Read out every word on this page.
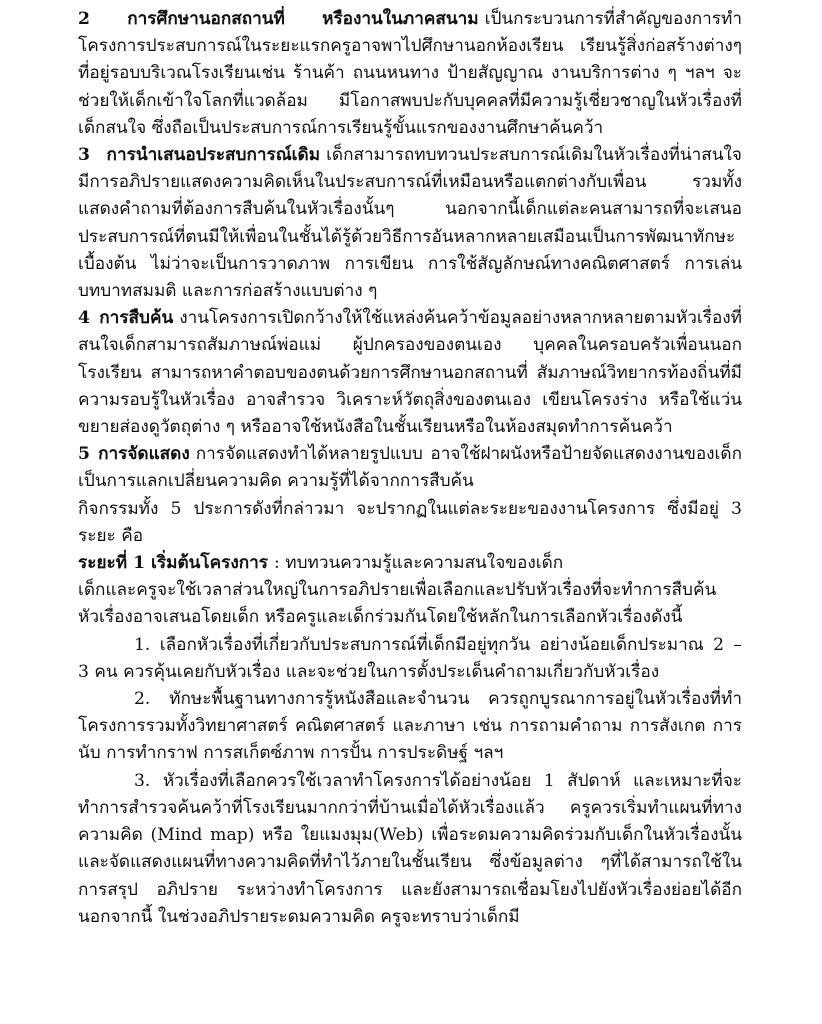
2 การศึกษานอกสถานที่ หรืองานในภาคสนาม เป็นกระบวนการที่สำคัญของการทำโครงการประสบการณ์ในระยะแรกครูอาจพาไปศึกษานอกห้องเรียน เรียนรู้สิ่งก่อสร้างต่างๆที่อยู่รอบบริเวณโรงเรียนเช่น ร้านค้า ถนนหนทาง ป้ายสัญญาณ งานบริการต่าง ๆ ฯลฯ จะช่วยให้เด็กเข้าใจโลกที่แวดล้อม มีโอกาสพบปะกับบุคคลที่มีความรู้เชี่ยวชาญในหัวเรื่องที่เด็กสนใจ ซึ่งถือเป็นประสบการณ์การเรียนรู้ขั้นแรกของงานศึกษาค้นคว้า

3 การนำเสนอประสบการณ์เดิม เด็กสามารถทบทวนประสบการณ์เดิมในหัวเรื่องที่น่าสนใจ มีการอภิปรายแสดงความคิดเห็นในประสบการณ์ที่เหมือนหรือแตกต่างกับเพื่อน รวมทั้งแสดงคำถามที่ต้องการสืบค้นในหัวเรื่องนั้นๆ นอกจากนี้เด็กแต่ละคนสามารถที่จะเสนอประสบการณ์ที่ตนมีให้เพื่อนในชั้นได้รู้ด้วยวิธีการอันหลากหลายเสมือนเป็นการพัฒนาทักษะเบื้องต้น ไม่ว่าจะเป็นการวาดภาพ การเขียน การใช้สัญลักษณ์ทางคณิตศาสตร์ การเล่นบทบาทสมมติ และการก่อสร้างแบบต่าง ๆ

4 การสืบค้น งานโครงการเปิดกว้างให้ใช้แหล่งค้นคว้าข้อมูลอย่างหลากหลายตามหัวเรื่องที่สนใจเด็กสามารถสัมภาษณ์พ่อแม่ ผู้ปกครองของตนเอง บุคคลในครอบครัวเพื่อนนอกโรงเรียน สามารถหาคำตอบของตนด้วยการศึกษานอกสถานที่ สัมภาษณ์วิทยากรท้องถิ่นที่มีความรอบรู้ในหัวเรื่อง อาจสำรวจ วิเคราะห์วัตถุสิ่งของตนเอง เขียนโครงร่าง หรือใช้แว่นขยายส่องดูวัตถุต่าง ๆ หรืออาจใช้หนังสือในชั้นเรียนหรือในห้องสมุดทำการค้นคว้า

5 การจัดแสดง การจัดแสดงทำได้หลายรูปแบบ อาจใช้ฝาผนังหรือป้ายจัดแสดงงานของเด็ก เป็นการแลกเปลี่ยนความคิด ความรู้ที่ได้จากการสืบค้น

กิจกรรมทั้ง 5 ประการดังที่กล่าวมา จะปรากฏในแต่ละระยะของงานโครงการ ซึ่งมีอยู่ 3 ระยะ คือ

ระยะที่ 1 เริ่มต้นโครงการ : ทบทวนความรู้และความสนใจของเด็ก

เด็กและครูจะใช้เวลาส่วนใหญ่ในการอภิปรายเพื่อเลือกและปรับหัวเรื่องที่จะทำการสืบค้น หัวเรื่องอาจเสนอโดยเด็ก หรือครูและเด็กร่วมกันโดยใช้หลักในการเลือกหัวเรื่องดังนี้

1. เลือกหัวเรื่องที่เกี่ยวกับประสบการณ์ที่เด็กมีอยู่ทุกวัน อย่างน้อยเด็กประมาณ 2 – 3 คน ควรคุ้นเคยกับหัวเรื่อง และจะช่วยในการตั้งประเด็นคำถามเกี่ยวกับหัวเรื่อง

2. ทักษะพื้นฐานทางการรู้หนังสือและจำนวน ควรถูกบูรณาการอยู่ในหัวเรื่องที่ทำโครงการรวมทั้งวิทยาศาสตร์ คณิตศาสตร์ และภาษา เช่น การถามคำถาม การสังเกต การนับ การทำกราฟ การสเก็ตซ์ภาพ การปั้น การประดิษฐ์ ฯลฯ

3. หัวเรื่องที่เลือกควรใช้เวลาทำโครงการได้อย่างน้อย 1 สัปดาห์ และเหมาะที่จะทำการสำรวจค้นคว้าที่โรงเรียนมากกว่าที่บ้านเมื่อได้หัวเรื่องแล้ว ครูควรเริ่มทำแผนที่ทางความคิด (Mind map) หรือ ใยแมงมุม(Web) เพื่อระดมความคิดร่วมกับเด็กในหัวเรื่องนั้น และจัดแสดงแผนที่ทางความคิดที่ทำไว้ภายในชั้นเรียน ซึ่งข้อมูลต่าง ๆที่ได้สามารถใช้ในการสรุป อภิปราย ระหว่างทำโครงการ และยังสามารถเชื่อมโยงไปยังหัวเรื่องย่อยได้อีกนอกจากนี้ ในช่วงอภิปรายระดมความคิด ครูจะทราบว่าเด็กมี
